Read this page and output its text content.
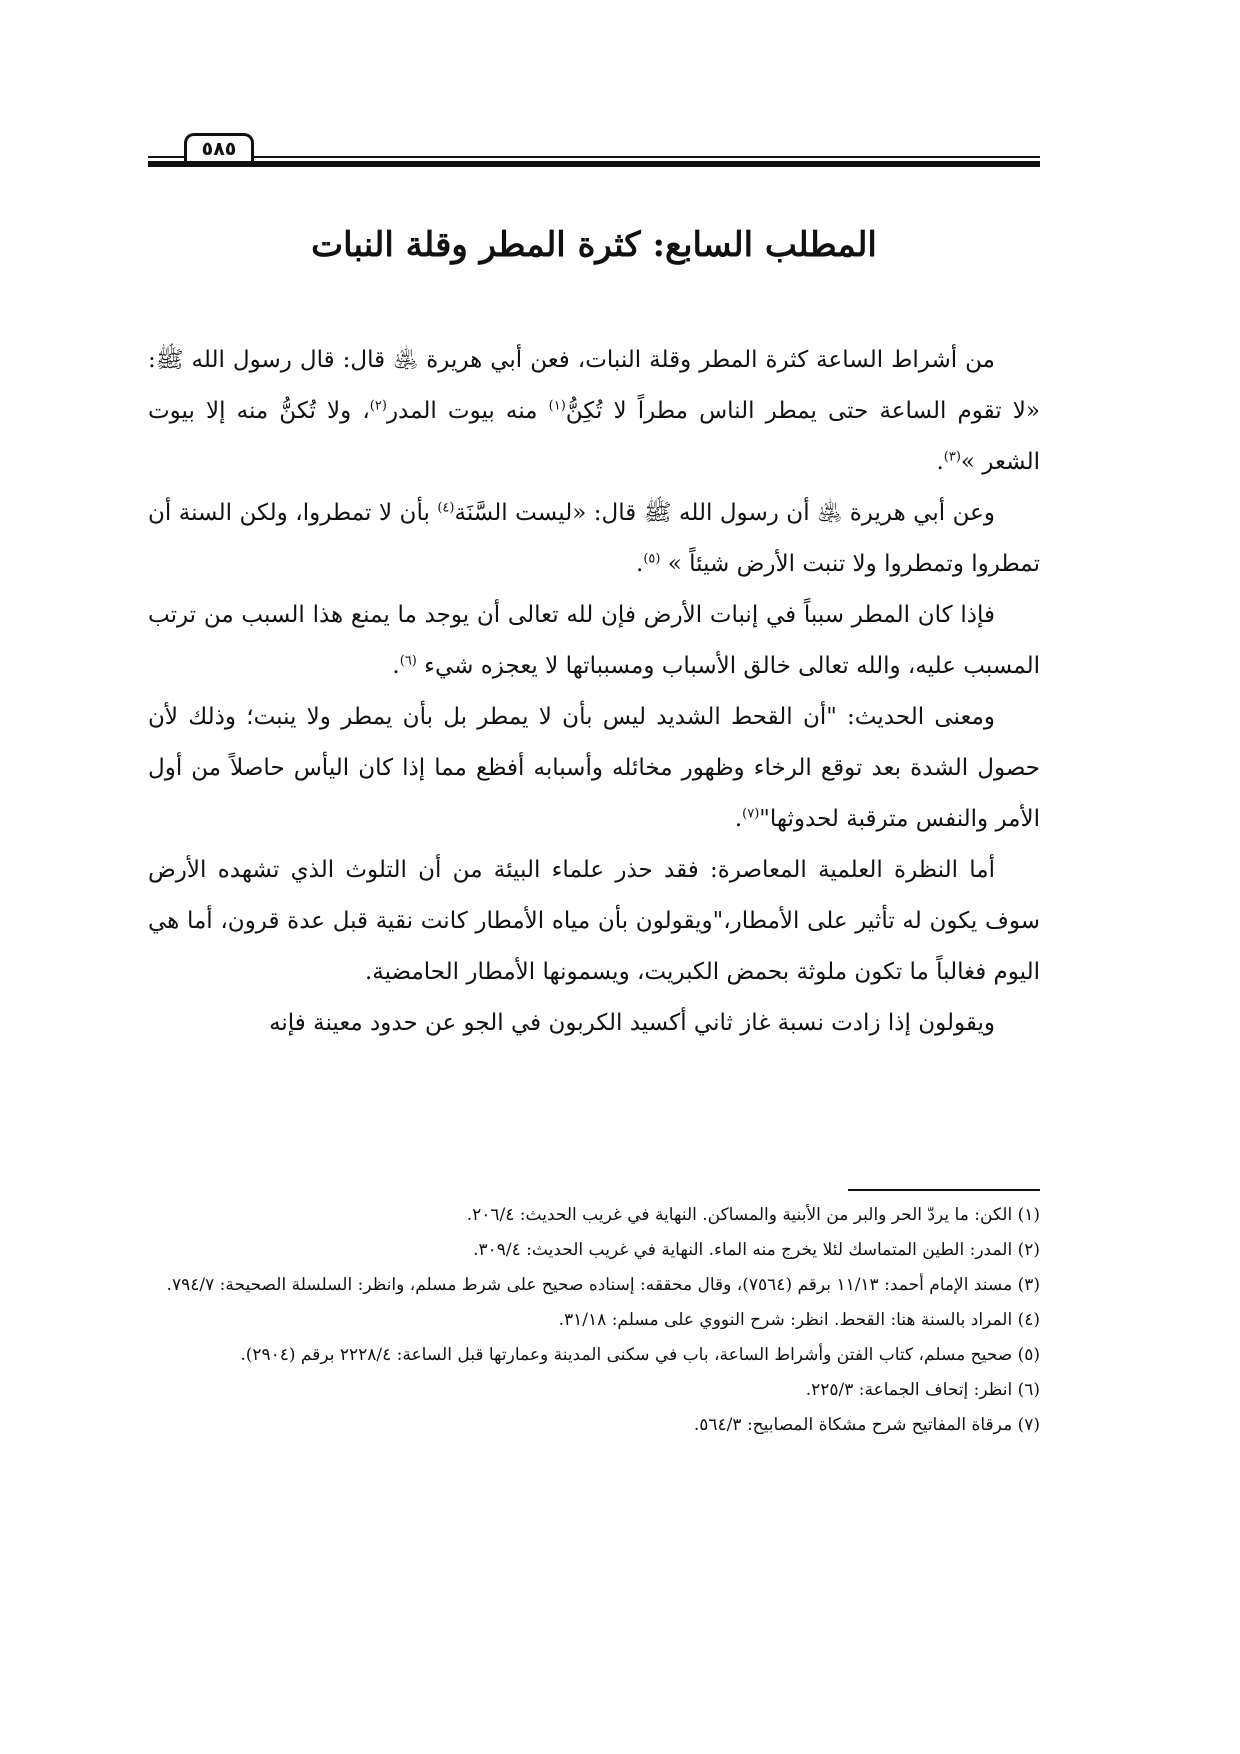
٥٨٥
المطلب السابع: كثرة المطر وقلة النبات

من أشراط الساعة كثرة المطر وقلة النبات، فعن أبي هريرة ﵁ قال: قال رسول الله ﷺ: «لا تقوم الساعة حتى يمطر الناس مطراً لا تُكِنُّ$^{(١)}$ منه بيوت المدر$^{(٢)}$، ولا تُكنُّ منه إلا بيوت الشعر »$^{(٣)}$.

وعن أبي هريرة ﵁ أن رسول الله ﷺ قال: «ليست السَّنَة$^{(٤)}$ بأن لا تمطروا، ولكن السنة أن تمطروا وتمطروا ولا تنبت الأرض شيئاً » $^{(٥)}$.

فإذا كان المطر سبباً في إنبات الأرض فإن لله تعالى أن يوجد ما يمنع هذا السبب من ترتب المسبب عليه، والله تعالى خالق الأسباب ومسبباتها لا يعجزه شيء $^{(٦)}$.

ومعنى الحديث: "أن القحط الشديد ليس بأن لا يمطر بل بأن يمطر ولا ينبت؛ وذلك لأن حصول الشدة بعد توقع الرخاء وظهور مخائله وأسبابه أفظع مما إذا كان اليأس حاصلاً من أول الأمر والنفس مترقبة لحدوثها"$^{(٧)}$.

أما النظرة العلمية المعاصرة: فقد حذر علماء البيئة من أن التلوث الذي تشهده الأرض سوف يكون له تأثير على الأمطار،"ويقولون بأن مياه الأمطار كانت نقية قبل عدة قرون، أما هي اليوم فغالباً ما تكون ملوثة بحمض الكبريت، ويسمونها الأمطار الحامضية.

ويقولون إذا زادت نسبة غاز ثاني أكسيد الكربون في الجو عن حدود معينة فإنه

(١) الكن: ما يردّ الحر والبر من الأبنية والمساكن. النهاية في غريب الحديث: ٢٠٦/٤.

(٢) المدر: الطين المتماسك لئلا يخرج منه الماء. النهاية في غريب الحديث: ٣٠٩/٤.

(٣) مسند الإمام أحمد: ١١/١٣ برقم (٧٥٦٤)، وقال محققه: إسناده صحيح على شرط مسلم، وانظر: السلسلة الصحيحة: ٧٩٤/٧.

(٤) المراد بالسنة هنا: القحط. انظر: شرح النووي على مسلم: ٣١/١٨.

(٥) صحيح مسلم، كتاب الفتن وأشراط الساعة، باب في سكنى المدينة وعمارتها قبل الساعة: ٢٢٢٨/٤ برقم (٢٩٠٤).

(٦) انظر: إتحاف الجماعة: ٢٢٥/٣.

(٧) مرقاة المفاتيح شرح مشكاة المصابيح: ٥٦٤/٣.
